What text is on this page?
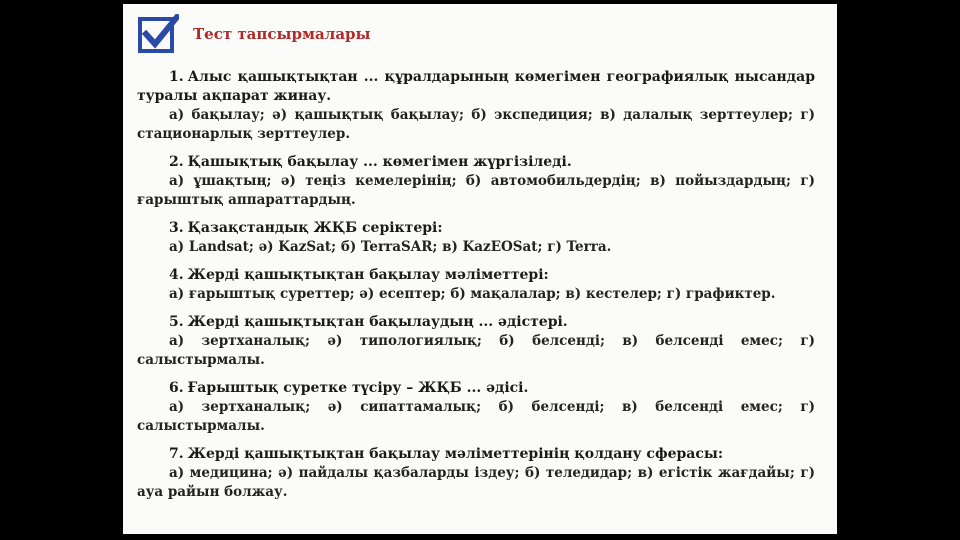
Тест тапсырмалары
1. Алыс қашықтықтан ... құралдарының көмегімен географиялық нысандар туралы ақпарат жинау.
а) бақылау; ә) қашықтық бақылау; б) экспедиция; в) далалық зерттеулер; г) стационарлық зерттеулер.
2. Қашықтық бақылау ... көмегімен жүргізіледі.
а) ұшақтың; ә) теңіз кемелерінің; б) автомобильдердің; в) пойыздардың; г) ғарыштық аппараттардың.
3. Қазақстандық ЖҚБ серіктері:
а) Landsat; ә) KazSat; б) TerraSAR; в) KazEOSat; г) Terra.
4. Жерді қашықтықтан бақылау мәліметтері:
а) ғарыштық суреттер; ә) есептер; б) мақалалар; в) кестелер; г) графиктер.
5. Жерді қашықтықтан бақылаудың ... әдістері.
а) зертханалық; ә) типологиялық; б) белсенді; в) белсенді емес; г) салыстырмалы.
6. Ғарыштық суретке түсіру – ЖҚБ ... әдісі.
а) зертханалық; ә) сипаттамалық; б) белсенді; в) белсенді емес; г) салыстырмалы.
7. Жерді қашықтықтан бақылау мәліметтерінің қолдану сферасы:
а) медицина; ә) пайдалы қазбаларды іздеу; б) теледидар; в) егістік жағдайы; г) ауа райын болжау.
